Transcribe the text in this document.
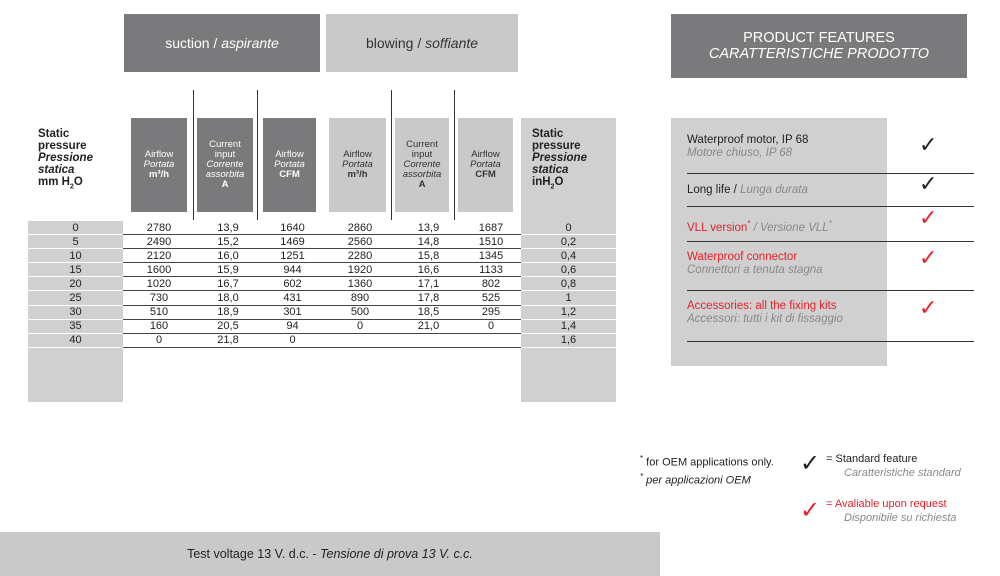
suction / aspirante	blowing / soffiante
Static
pressure
Pressione
statica
mm $H_2O$
Airflow
Portata
m³/h
Current
input
Corrente
assorbita
A
Airflow
Portata
CFM
Airflow
Portata
m³/h
Current
input
Corrente
assorbita
A
Airflow
Portata
CFM
Static
pressure
Pressione
statica
inH$_2$O
0	2780	13,9	1640	2860	13,9	1687	0
5	2490	15,2	1469	2560	14,8	1510	0,2
10	2120	16,0	1251	2280	15,8	1345	0,4
15	1600	15,9	944	1920	16,6	1133	0,6
20	1020	16,7	602	1360	17,1	802	0,8
25	730	18,0	431	890	17,8	525	1
30	510	18,9	301	500	18,5	295	1,2
35	160	20,5	94	0	21,0	0	1,4
40	0	21,8	0				1,6
PRODUCT FEATURES
CARATTERISTICHE PRODOTTO
Waterproof motor, IP 68
Motore chiuso, IP 68	✓
Long life / Lunga durata	✓
VLL version* / Versione VLL*	✓
Waterproof connector
Connettori a tenuta stagna	✓
Accessories: all the fixing kits
Accessori: tutti i kit di fissaggio	✓
* for OEM applications only.
* per applicazioni OEM
✓ = Standard feature
Caratteristiche standard
✓ = Avaliable upon request
Disponibile su richiesta
Test voltage 13 V. d.c. - Tensione di prova 13 V. c.c.
